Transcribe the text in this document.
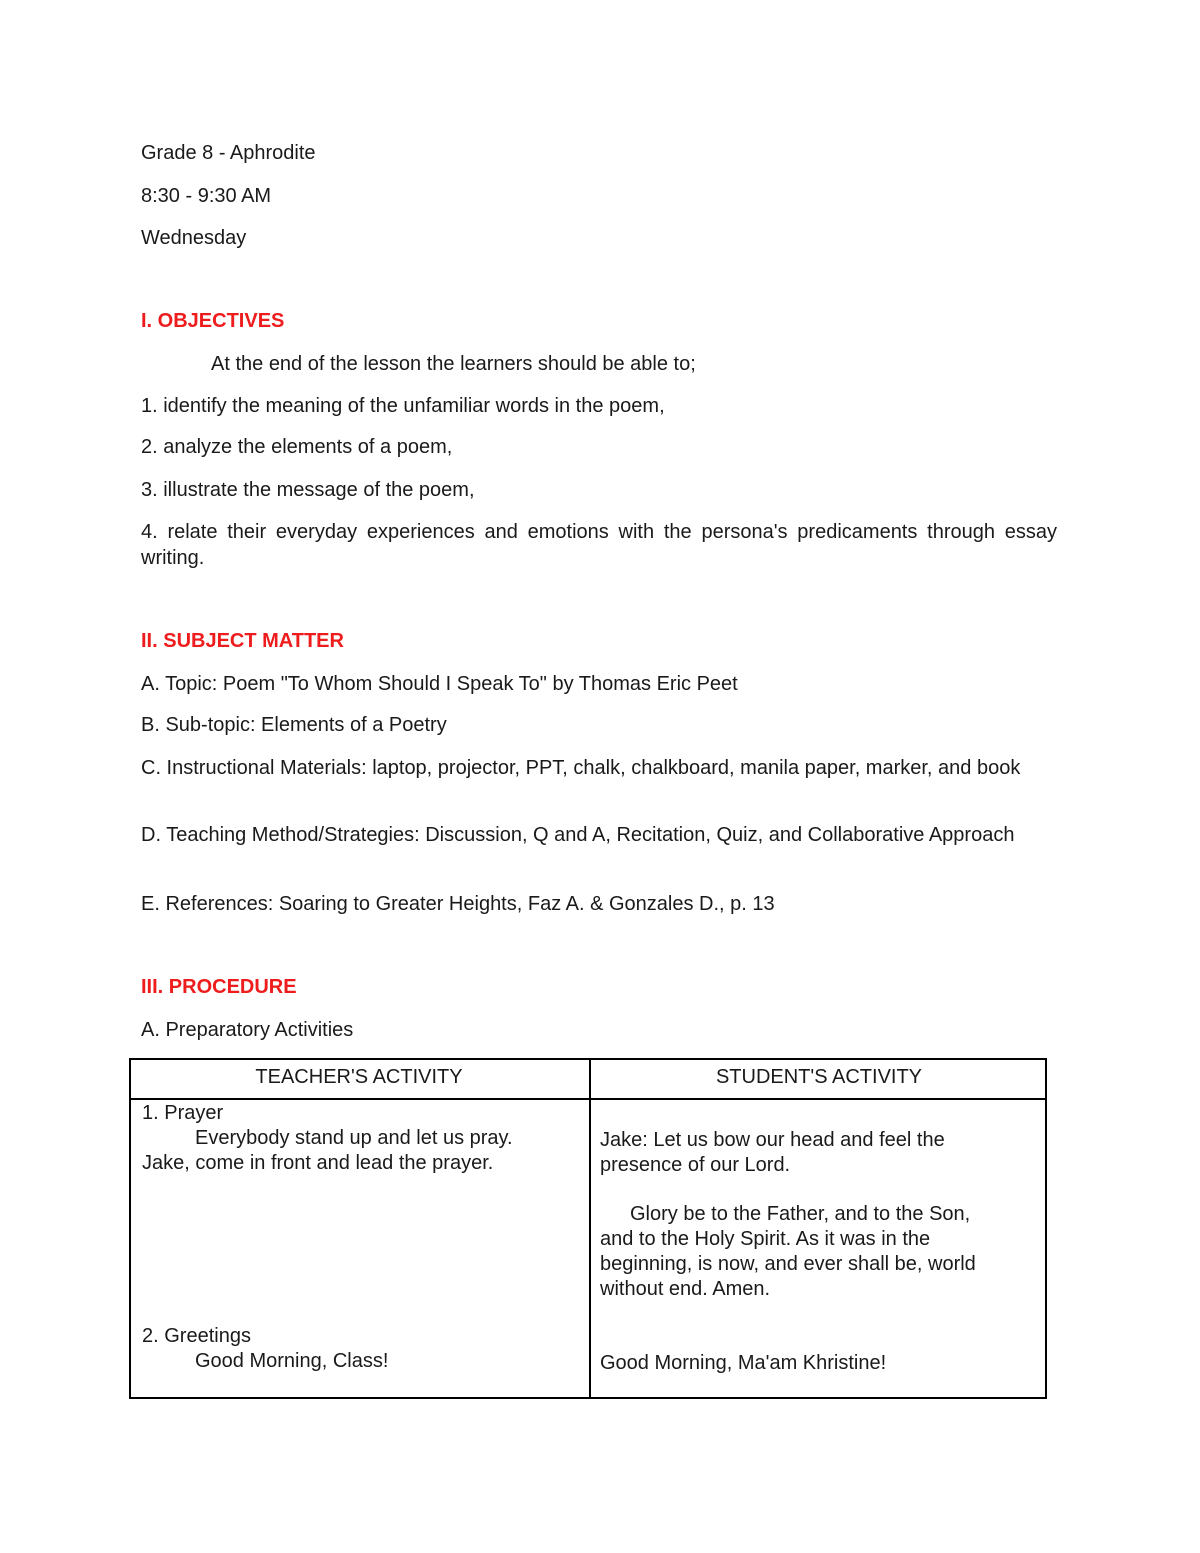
Grade 8 - Aphrodite

8:30 - 9:30 AM

Wednesday

I. OBJECTIVES

At the end of the lesson the learners should be able to;

1. identify the meaning of the unfamiliar words in the poem,

2. analyze the elements of a poem,

3. illustrate the message of the poem,

4. relate their everyday experiences and emotions with the persona's predicaments through essay writing.

II. SUBJECT MATTER

A. Topic: Poem "To Whom Should I Speak To" by Thomas Eric Peet

B. Sub-topic: Elements of a Poetry

C. Instructional Materials: laptop, projector, PPT, chalk, chalkboard, manila paper, marker, and book

D. Teaching Method/Strategies: Discussion, Q and A, Recitation, Quiz, and Collaborative Approach

E. References: Soaring to Greater Heights, Faz A. & Gonzales D., p. 13

III. PROCEDURE

A. Preparatory Activities

TEACHER'S ACTIVITY	STUDENT'S ACTIVITY

1. Prayer

Everybody stand up and let us pray.

Jake, come in front and lead the prayer.

2. Greetings

Good Morning, Class!

Jake: Let us bow our head and feel the

presence of our Lord.

Glory be to the Father, and to the Son,

and to the Holy Spirit. As it was in the

beginning, is now, and ever shall be, world

without end. Amen.

Good Morning, Ma'am Khristine!
